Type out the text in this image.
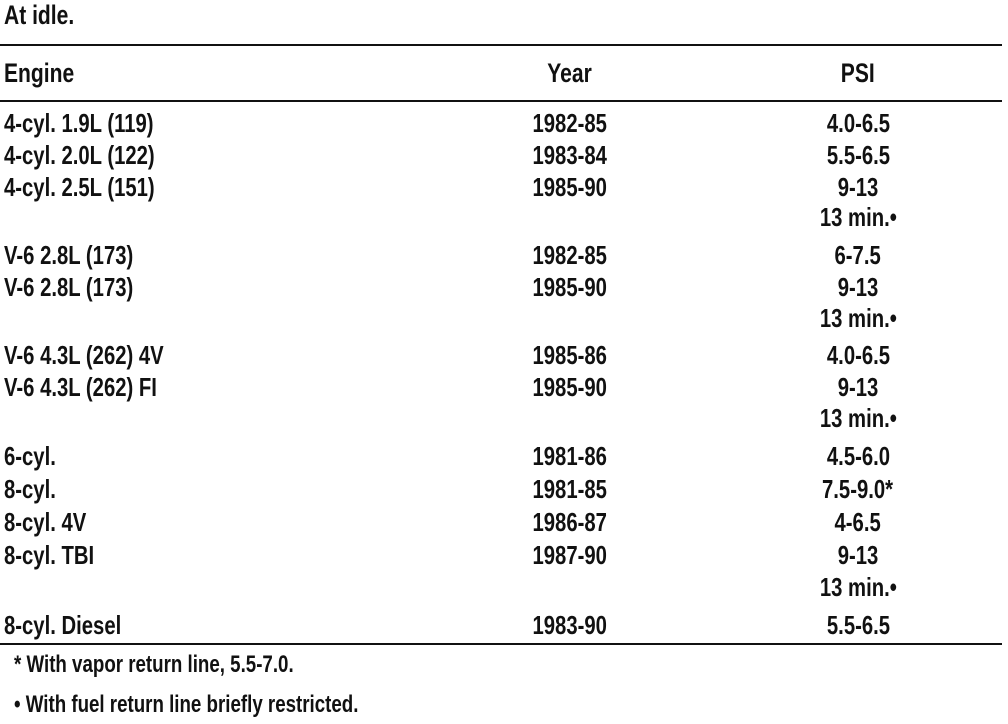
At idle.
Engine	Year	PSI
4-cyl. 1.9L (119)	1982-85	4.0-6.5
4-cyl. 2.0L (122)	1983-84	5.5-6.5
4-cyl. 2.5L (151)	1985-90	9-13
13 min.•
V-6 2.8L (173)	1982-85	6-7.5
V-6 2.8L (173)	1985-90	9-13
13 min.•
V-6 4.3L (262) 4V	1985-86	4.0-6.5
V-6 4.3L (262) FI	1985-90	9-13
13 min.•
6-cyl.	1981-86	4.5-6.0
8-cyl.	1981-85	7.5-9.0*
8-cyl. 4V	1986-87	4-6.5
8-cyl. TBI	1987-90	9-13
13 min.•
8-cyl. Diesel	1983-90	5.5-6.5
* With vapor return line, 5.5-7.0.
• With fuel return line briefly restricted.
